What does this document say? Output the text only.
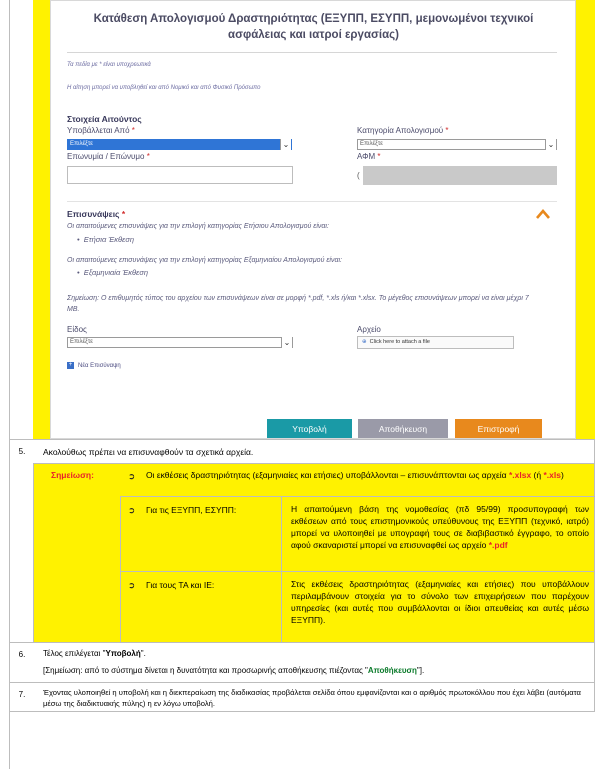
Κατάθεση Απολογισμού Δραστηριότητας (ΕΞΥΠΠ, ΕΣΥΠΠ, μεμονωμένοι τεχνικοί ασφάλειας και ιατροί εργασίας)
Τα πεδία με * είναι υποχρεωτικά
Η αίτηση μπορεί να υποβληθεί και από Νομικό και από Φυσικό Πρόσωπο
Στοιχεία Αιτούντος
Υποβάλλεται Από *
Επιλέξτε	⌄
Κατηγορία Απολογισμού *
Επιλέξτε	⌄
Επωνυμία / Επώνυμο *	ΑΦΜ *
(
Επισυνάψεις *
Οι απαιτούμενες επισυνάψεις για την επιλογή κατηγορίας Ετήσιου Απολογισμού είναι:
•  Ετήσια Έκθεση
Οι απαιτούμενες επισυνάψεις για την επιλογή κατηγορίας Εξαμηνιαίου Απολογισμού είναι:
•  Εξαμηνιαία Έκθεση
Σημείωση: Ο επιθυμητός τύπος του αρχείου των επισυνάψεων είναι σε μορφή *.pdf, *.xls ή/και *.xlsx. Το μέγεθος επισυνάψεων μπορεί να είναι μέχρι 7 MB.
Είδος
Επιλέξτε	⌄
Αρχείο
⊕ Click here to attach a file
+ Νέα Επισύναψη
Υποβολή	Αποθήκευση	Επιστροφή
5.	Ακολούθως πρέπει να επισυναφθούν τα σχετικά αρχεία.
Σημείωση:	➲ Οι εκθέσεις δραστηριότητας (εξαμηνιαίες και ετήσιες) υποβάλλονται – επισυνάπτονται ως αρχεία *.xlsx (ή *.xls)
➲ Για τις ΕΞΥΠΠ, ΕΣΥΠΠ:	Η απαιτούμενη βάση της νομοθεσίας (πδ 95/99) προσυπογραφή των εκθέσεων από τους επιστημονικούς υπεύθυνους της ΕΞΥΠΠ (τεχνικό, ιατρό) μπορεί να υλοποιηθεί με υπογραφή τους σε διαβιβαστικό έγγραφο, το οποίο αφού σκαναριστεί μπορεί να επισυναφθεί ως αρχείο *.pdf
➲ Για τους ΤΑ και ΙΕ:	Στις εκθέσεις δραστηριότητας (εξαμηνιαίες και ετήσιες) που υποβάλλουν περιλαμβάνουν στοιχεία για το σύνολο των επιχειρήσεων που παρέχουν υπηρεσίες (και αυτές που συμβάλλονται οι ίδιοι απευθείας και αυτές μέσω ΕΞΥΠΠ).
6.	Τέλος επιλέγεται "Υποβολή".
[Σημείωση: από το σύστημα δίνεται η δυνατότητα και προσωρινής αποθήκευσης πιέζοντας "Αποθήκευση"].
7.	Έχοντας υλοποιηθεί η υποβολή και η διεκπεραίωση της διαδικασίας προβάλεται σελίδα όπου εμφανίζονται και ο αριθμός πρωτοκόλλου που έχει λάβει (αυτόματα μέσω της διαδικτυακής πύλης) η εν λόγω υποβολή.
